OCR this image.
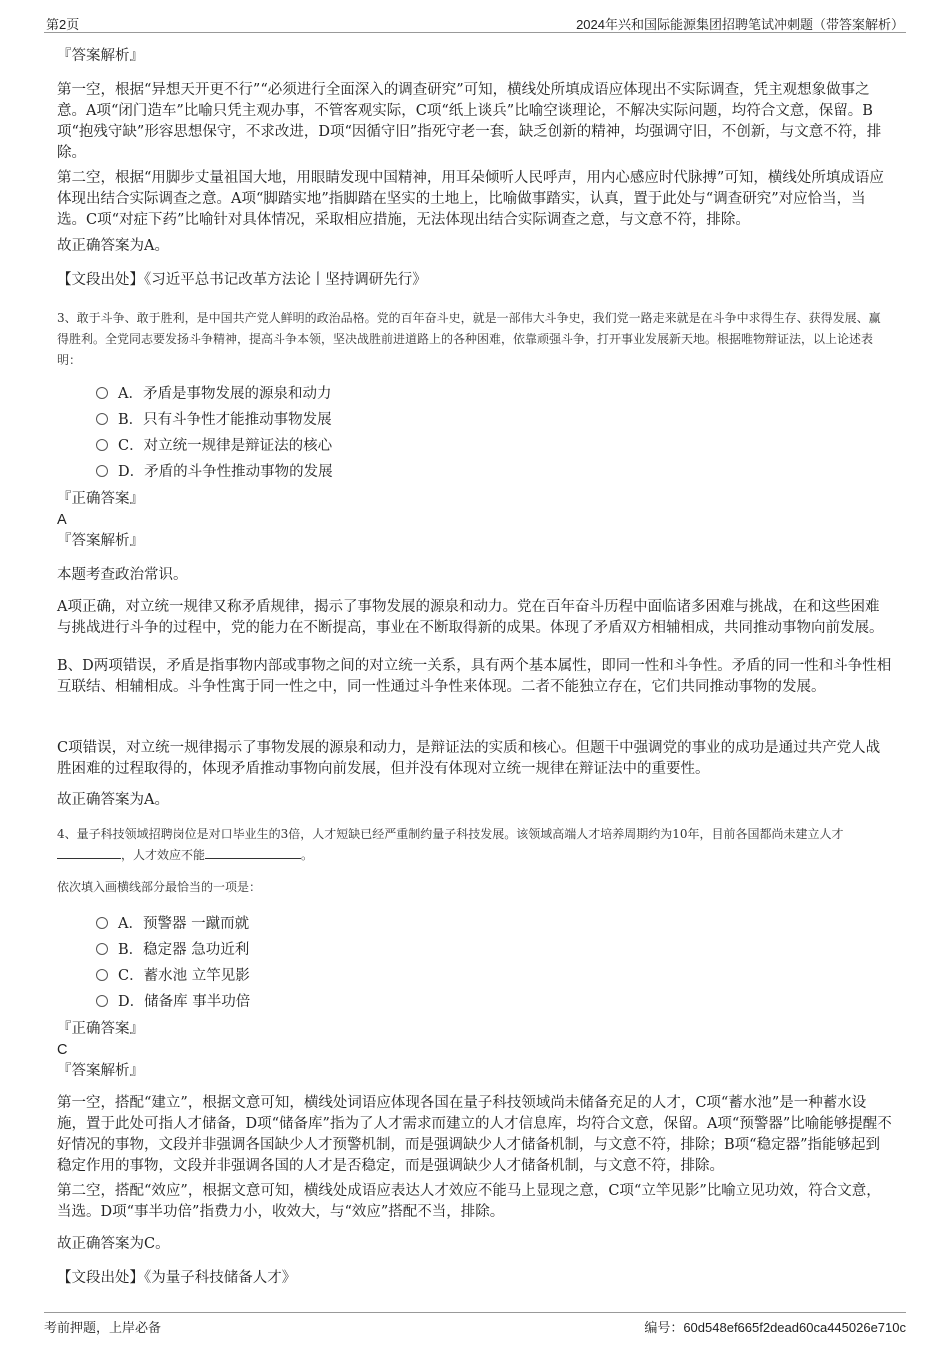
第2页	2024年兴和国际能源集团招聘笔试冲刺题（带答案解析）
『答案解析』
第一空，根据“异想天开更不行”“必须进行全面深入的调查研究”可知，横线处所填成语应体现出不实际调查，凭主观想象做事之意。A项“闭门造车”比喻只凭主观办事，不管客观实际，C项“纸上谈兵”比喻空谈理论，不解决实际问题，均符合文意，保留。B项“抱残守缺”形容思想保守，不求改进，D项“因循守旧”指死守老一套，缺乏创新的精神，均强调守旧，不创新，与文意不符，排除。
第二空，根据“用脚步丈量祖国大地，用眼睛发现中国精神，用耳朵倾听人民呼声，用内心感应时代脉搏”可知，横线处所填成语应体现出结合实际调查之意。A项“脚踏实地”指脚踏在坚实的土地上，比喻做事踏实，认真，置于此处与“调查研究”对应恰当，当选。C项“对症下药”比喻针对具体情况，采取相应措施，无法体现出结合实际调查之意，与文意不符，排除。
故正确答案为A。
【文段出处】《习近平总书记改革方法论丨坚持调研先行》
3、敢于斗争、敢于胜利，是中国共产党人鲜明的政治品格。党的百年奋斗史，就是一部伟大斗争史，我们党一路走来就是在斗争中求得生存、获得发展、赢得胜利。全党同志要发扬斗争精神，提高斗争本领，坚决战胜前进道路上的各种困难，依靠顽强斗争，打开事业发展新天地。根据唯物辩证法，以上论述表明：
A．矛盾是事物发展的源泉和动力
B．只有斗争性才能推动事物发展
C．对立统一规律是辩证法的核心
D．矛盾的斗争性推动事物的发展
『正确答案』
A
『答案解析』
本题考查政治常识。
A项正确，对立统一规律又称矛盾规律，揭示了事物发展的源泉和动力。党在百年奋斗历程中面临诸多困难与挑战，在和这些困难与挑战进行斗争的过程中，党的能力在不断提高，事业在不断取得新的成果。体现了矛盾双方相辅相成，共同推动事物向前发展。
B、D两项错误，矛盾是指事物内部或事物之间的对立统一关系，具有两个基本属性，即同一性和斗争性。矛盾的同一性和斗争性相互联结、相辅相成。斗争性寓于同一性之中，同一性通过斗争性来体现。二者不能独立存在，它们共同推动事物的发展。
C项错误，对立统一规律揭示了事物发展的源泉和动力，是辩证法的实质和核心。但题干中强调党的事业的成功是通过共产党人战胜困难的过程取得的，体现矛盾推动事物向前发展，但并没有体现对立统一规律在辩证法中的重要性。
故正确答案为A。
4、量子科技领域招聘岗位是对口毕业生的3倍，人才短缺已经严重制约量子科技发展。该领域高端人才培养周期约为10年，目前各国都尚未建立人才，人才效应不能	。
依次填入画横线部分最恰当的一项是：
A．预警器 一蹴而就
B．稳定器 急功近利
C．蓄水池 立竿见影
D．储备库 事半功倍
『正确答案』
C
『答案解析』
第一空，搭配“建立”，根据文意可知，横线处词语应体现各国在量子科技领域尚未储备充足的人才，C项“蓄水池”是一种蓄水设施，置于此处可指人才储备，D项“储备库”指为了人才需求而建立的人才信息库，均符合文意，保留。A项“预警器”比喻能够提醒不好情况的事物，文段并非强调各国缺少人才预警机制，而是强调缺少人才储备机制，与文意不符，排除；B项“稳定器”指能够起到稳定作用的事物，文段并非强调各国的人才是否稳定，而是强调缺少人才储备机制，与文意不符，排除。
第二空，搭配“效应”，根据文意可知，横线处成语应表达人才效应不能马上显现之意，C项“立竿见影”比喻立见功效，符合文意，当选。D项“事半功倍”指费力小，收效大，与“效应”搭配不当，排除。
故正确答案为C。
【文段出处】《为量子科技储备人才》
考前押题，上岸必备	编号：60d548ef665f2dead60ca445026e710c
